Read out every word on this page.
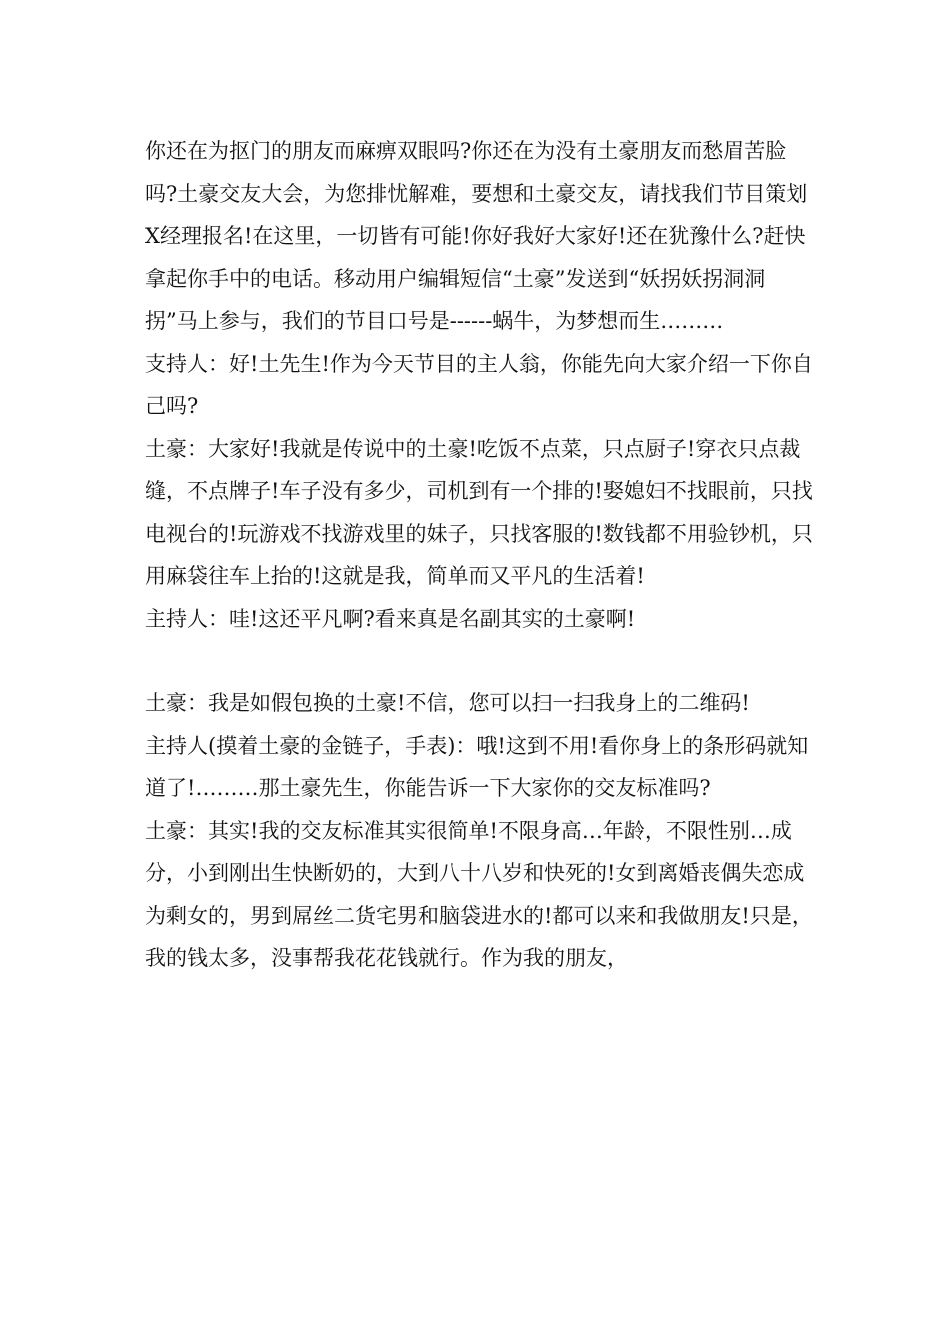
你还在为抠门的朋友而麻痹双眼吗?你还在为没有土豪朋友而愁眉苦脸吗?土豪交友大会，为您排忧解难，要想和土豪交友，请找我们节目策划X经理报名!在这里，一切皆有可能!你好我好大家好!还在犹豫什么?赶快拿起你手中的电话。移动用户编辑短信“土豪”发送到“妖拐妖拐洞洞拐”马上参与，我们的节目口号是------蜗牛，为梦想而生………

支持人：好!土先生!作为今天节目的主人翁，你能先向大家介绍一下你自己吗?

土豪：大家好!我就是传说中的土豪!吃饭不点菜，只点厨子!穿衣只点裁缝，不点牌子!车子没有多少，司机到有一个排的!娶媳妇不找眼前，只找电视台的!玩游戏不找游戏里的妹子，只找客服的!数钱都不用验钞机，只用麻袋往车上抬的!这就是我，简单而又平凡的生活着!

主持人：哇!这还平凡啊?看来真是名副其实的土豪啊!

土豪：我是如假包换的土豪!不信，您可以扫一扫我身上的二维码!

主持人(摸着土豪的金链子，手表)：哦!这到不用!看你身上的条形码就知道了!………那土豪先生，你能告诉一下大家你的交友标准吗?

土豪：其实!我的交友标准其实很简单!不限身高…年龄，不限性别…成分，小到刚出生快断奶的，大到八十八岁和快死的!女到离婚丧偶失恋成为剩女的，男到屌丝二货宅男和脑袋进水的!都可以来和我做朋友!只是，我的钱太多，没事帮我花花钱就行。作为我的朋友，
